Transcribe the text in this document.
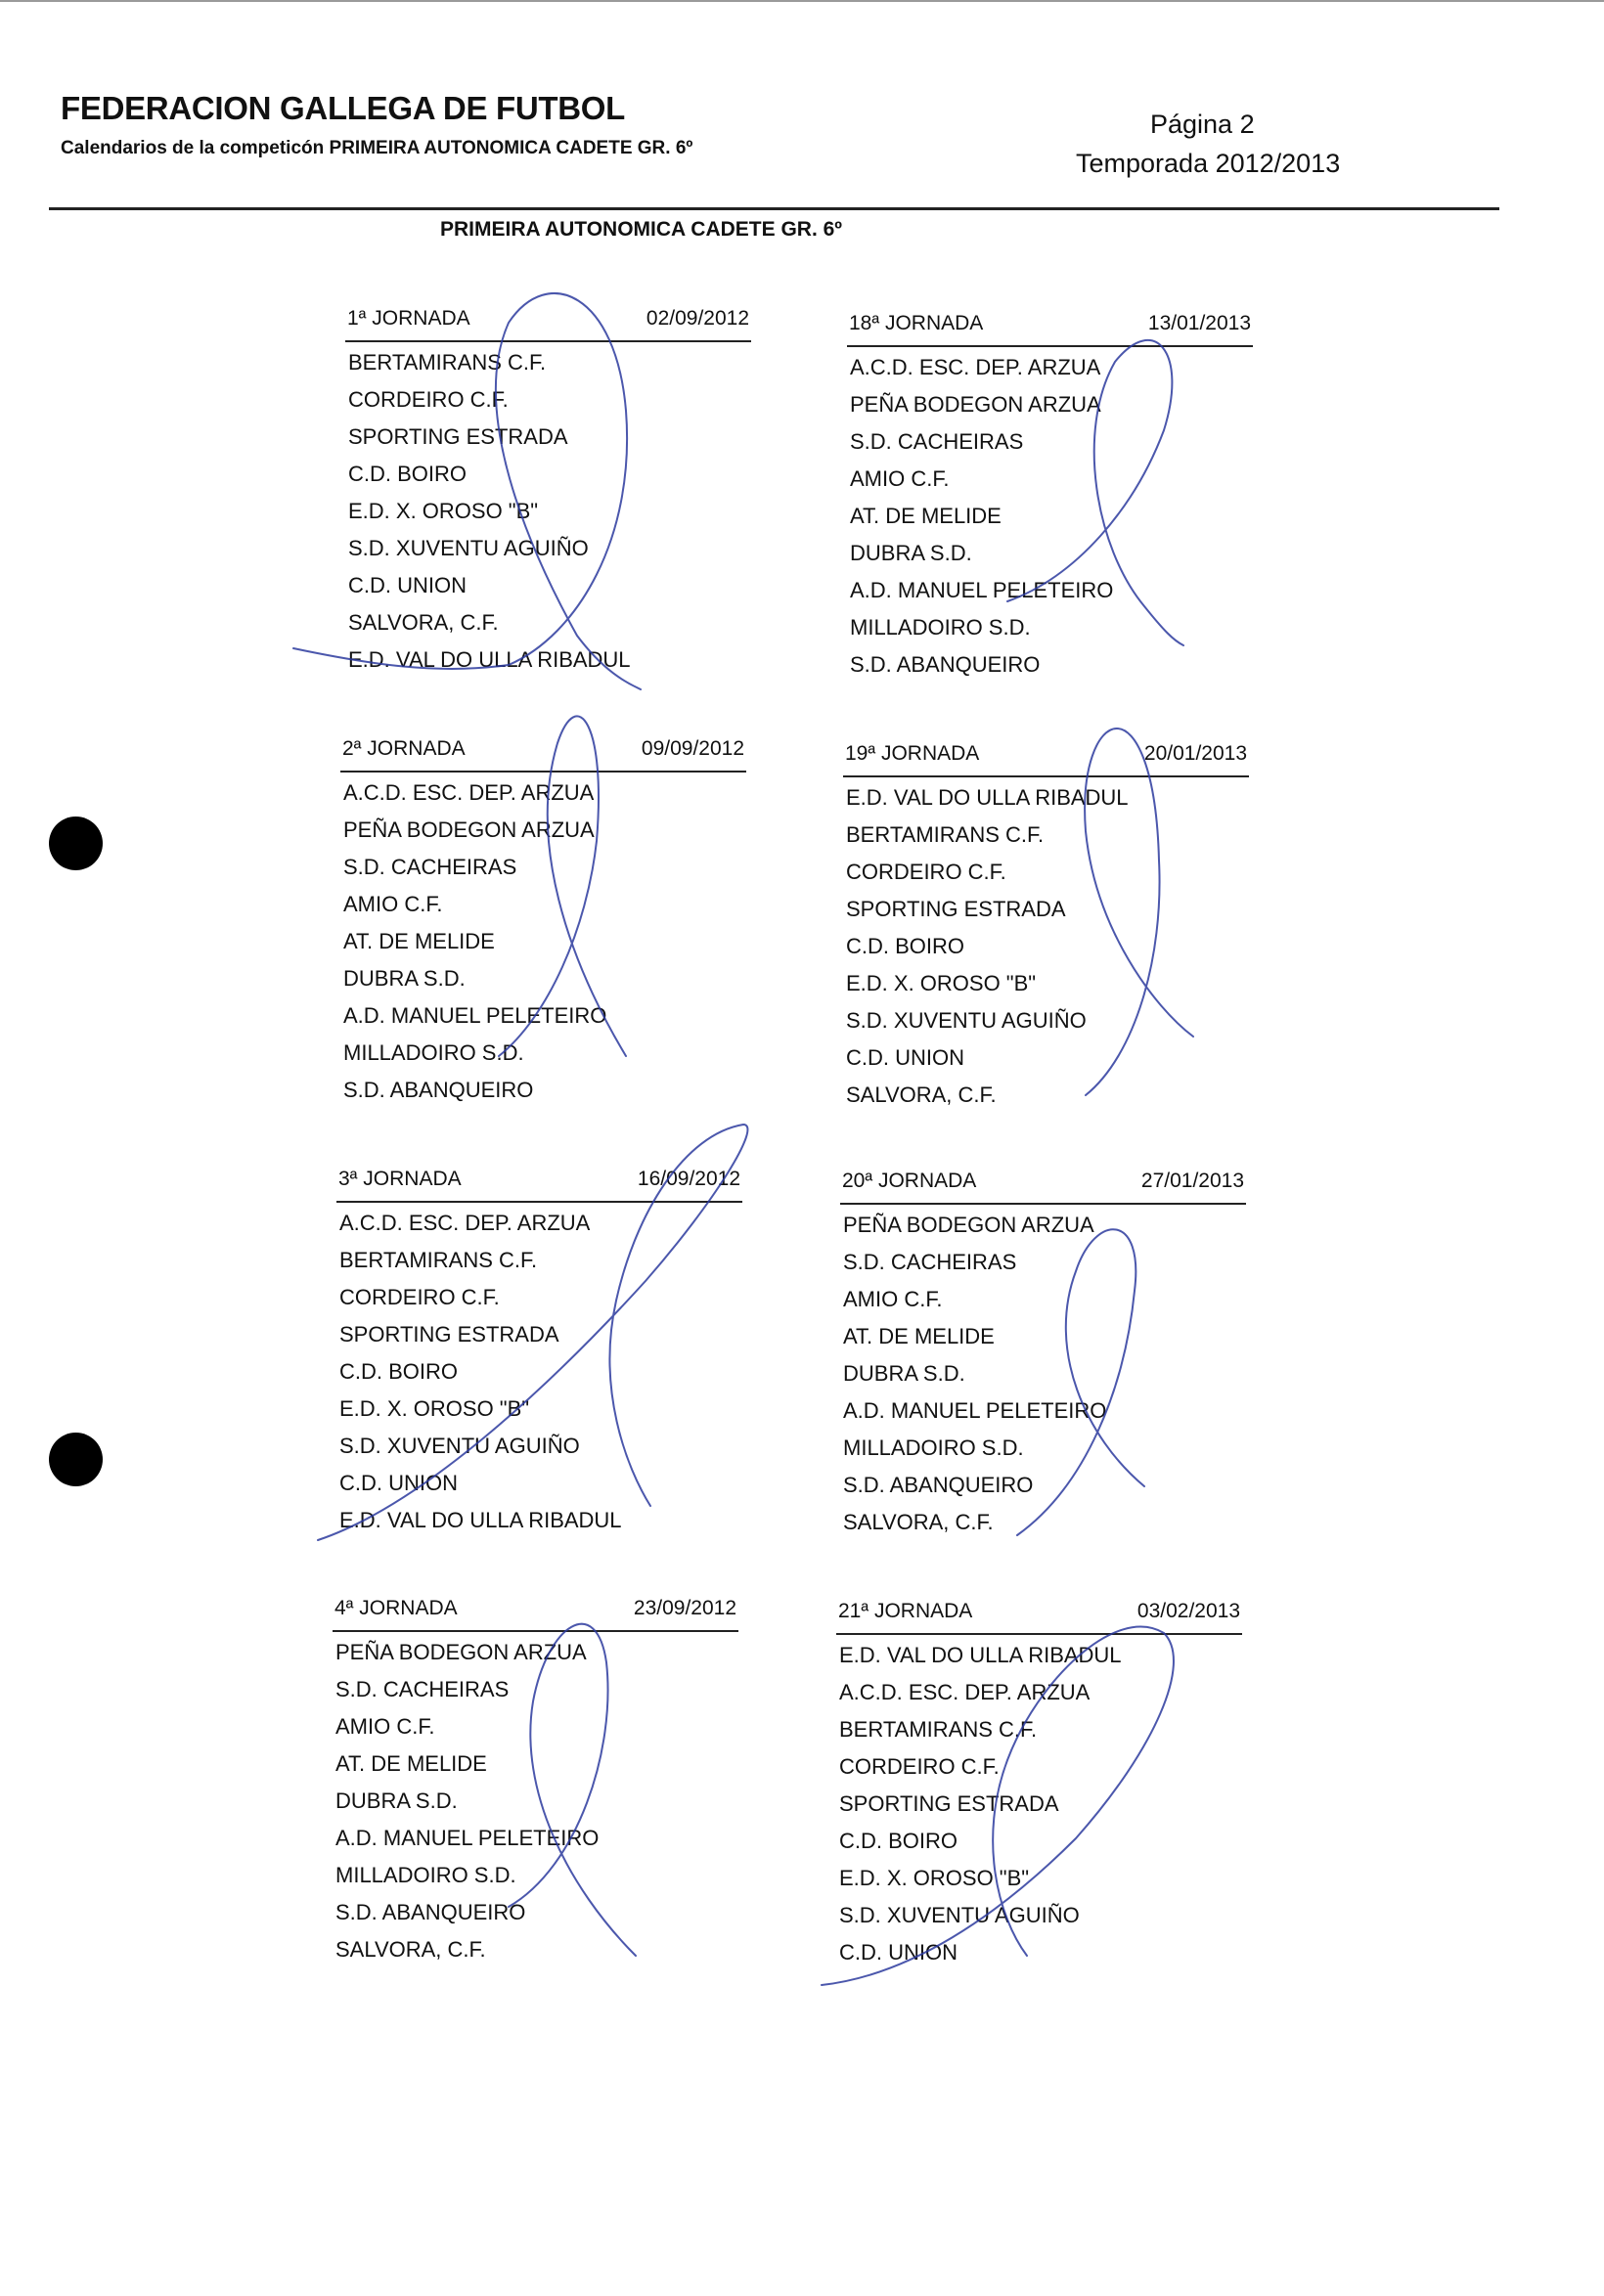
FEDERACION GALLEGA DE FUTBOL
Calendarios de la competicón PRIMEIRA AUTONOMICA CADETE GR. 6º
Página 2
Temporada 2012/2013
PRIMEIRA AUTONOMICA CADETE GR. 6º
1ª JORNADA	02/09/2012
BERTAMIRANS C.F.
CORDEIRO C.F.
SPORTING ESTRADA
C.D. BOIRO
E.D. X. OROSO "B"
S.D. XUVENTU AGUIÑO
C.D. UNION
SALVORA, C.F.
E.D. VAL DO ULLA RIBADUL
18ª JORNADA	13/01/2013
A.C.D. ESC. DEP. ARZUA
PEÑA BODEGON ARZUA
S.D. CACHEIRAS
AMIO C.F.
AT. DE MELIDE
DUBRA S.D.
A.D. MANUEL PELETEIRO
MILLADOIRO S.D.
S.D. ABANQUEIRO
2ª JORNADA	09/09/2012
A.C.D. ESC. DEP. ARZUA
PEÑA BODEGON ARZUA
S.D. CACHEIRAS
AMIO C.F.
AT. DE MELIDE
DUBRA S.D.
A.D. MANUEL PELETEIRO
MILLADOIRO S.D.
S.D. ABANQUEIRO
19ª JORNADA	20/01/2013
E.D. VAL DO ULLA RIBADUL
BERTAMIRANS C.F.
CORDEIRO C.F.
SPORTING ESTRADA
C.D. BOIRO
E.D. X. OROSO "B"
S.D. XUVENTU AGUIÑO
C.D. UNION
SALVORA, C.F.
3ª JORNADA	16/09/2012
A.C.D. ESC. DEP. ARZUA
BERTAMIRANS C.F.
CORDEIRO C.F.
SPORTING ESTRADA
C.D. BOIRO
E.D. X. OROSO "B"
S.D. XUVENTU AGUIÑO
C.D. UNION
E.D. VAL DO ULLA RIBADUL
20ª JORNADA	27/01/2013
PEÑA BODEGON ARZUA
S.D. CACHEIRAS
AMIO C.F.
AT. DE MELIDE
DUBRA S.D.
A.D. MANUEL PELETEIRO
MILLADOIRO S.D.
S.D. ABANQUEIRO
SALVORA, C.F.
4ª JORNADA	23/09/2012
PEÑA BODEGON ARZUA
S.D. CACHEIRAS
AMIO C.F.
AT. DE MELIDE
DUBRA S.D.
A.D. MANUEL PELETEIRO
MILLADOIRO S.D.
S.D. ABANQUEIRO
SALVORA, C.F.
21ª JORNADA	03/02/2013
E.D. VAL DO ULLA RIBADUL
A.C.D. ESC. DEP. ARZUA
BERTAMIRANS C.F.
CORDEIRO C.F.
SPORTING ESTRADA
C.D. BOIRO
E.D. X. OROSO "B"
S.D. XUVENTU AGUIÑO
C.D. UNION
